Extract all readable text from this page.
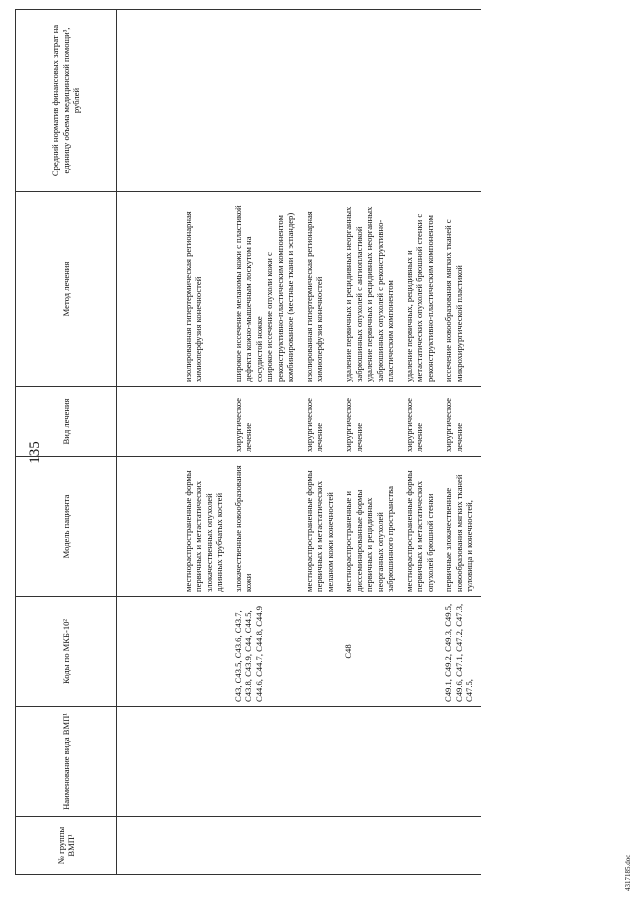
135
№ группы ВМП¹	Наименование вида ВМП¹	Коды по МКБ-10²	Модель пациента	Вид лечения	Метод лечения	Средний норматив финансовых затрат на единицу объема медицинской помощи³, рублей

			местнораспространенные формы первичных и метастатических злокачественных опухолей длинных трубчатых костей		изолированная гипертермическая регионарная химиоперфузия конечностей	

		C43, C43.5, C43.6, C43.7, C43.8, C43.9, C44, C44.5, C44.6, C44.7, C44.8, C44.9	злокачественные новообразования кожи	хирургическое лечение	широкое иссечение меланомы кожи с пластикой дефекта кожно-мышечным лоскутом на сосудистой ножке широкое иссечение опухоли кожи с реконструктивно-пластическим компонентом комбинированное (местные ткани и эспандер)	

			местнораспространенные формы первичных и метастатических меланом кожи конечностей	хирургическое лечение	изолированная гипертермическая регионарная химиоперфузия конечностей	

		C48	местнораспространенные и диссеминированные формы первичных и рецидивных неорганных опухолей забрюшинного пространства	хирургическое лечение	удаление первичных и рецидивных неорганных забрюшинных опухолей с ангиопластикой удаление первичных и рецидивных неорганных забрюшинных опухолей с реконструктивно-пластическим компонентом	

			местнораспространенные формы первичных и метастатических опухолей брюшной стенки	хирургическое лечение	удаление первичных, рецидивных и метастатических опухолей брюшной стенки с реконструктивно-пластическим компонентом	

		C49.1, C49.2, C49.3, C49.5, C49.6, C47.1, C47.2, C47.3, C47.5,	первичные злокачественные новообразования мягких тканей туловища и конечностей,	хирургическое лечение	иссечение новообразования мягких тканей с микрохирургической пластикой	

4317185.doc
